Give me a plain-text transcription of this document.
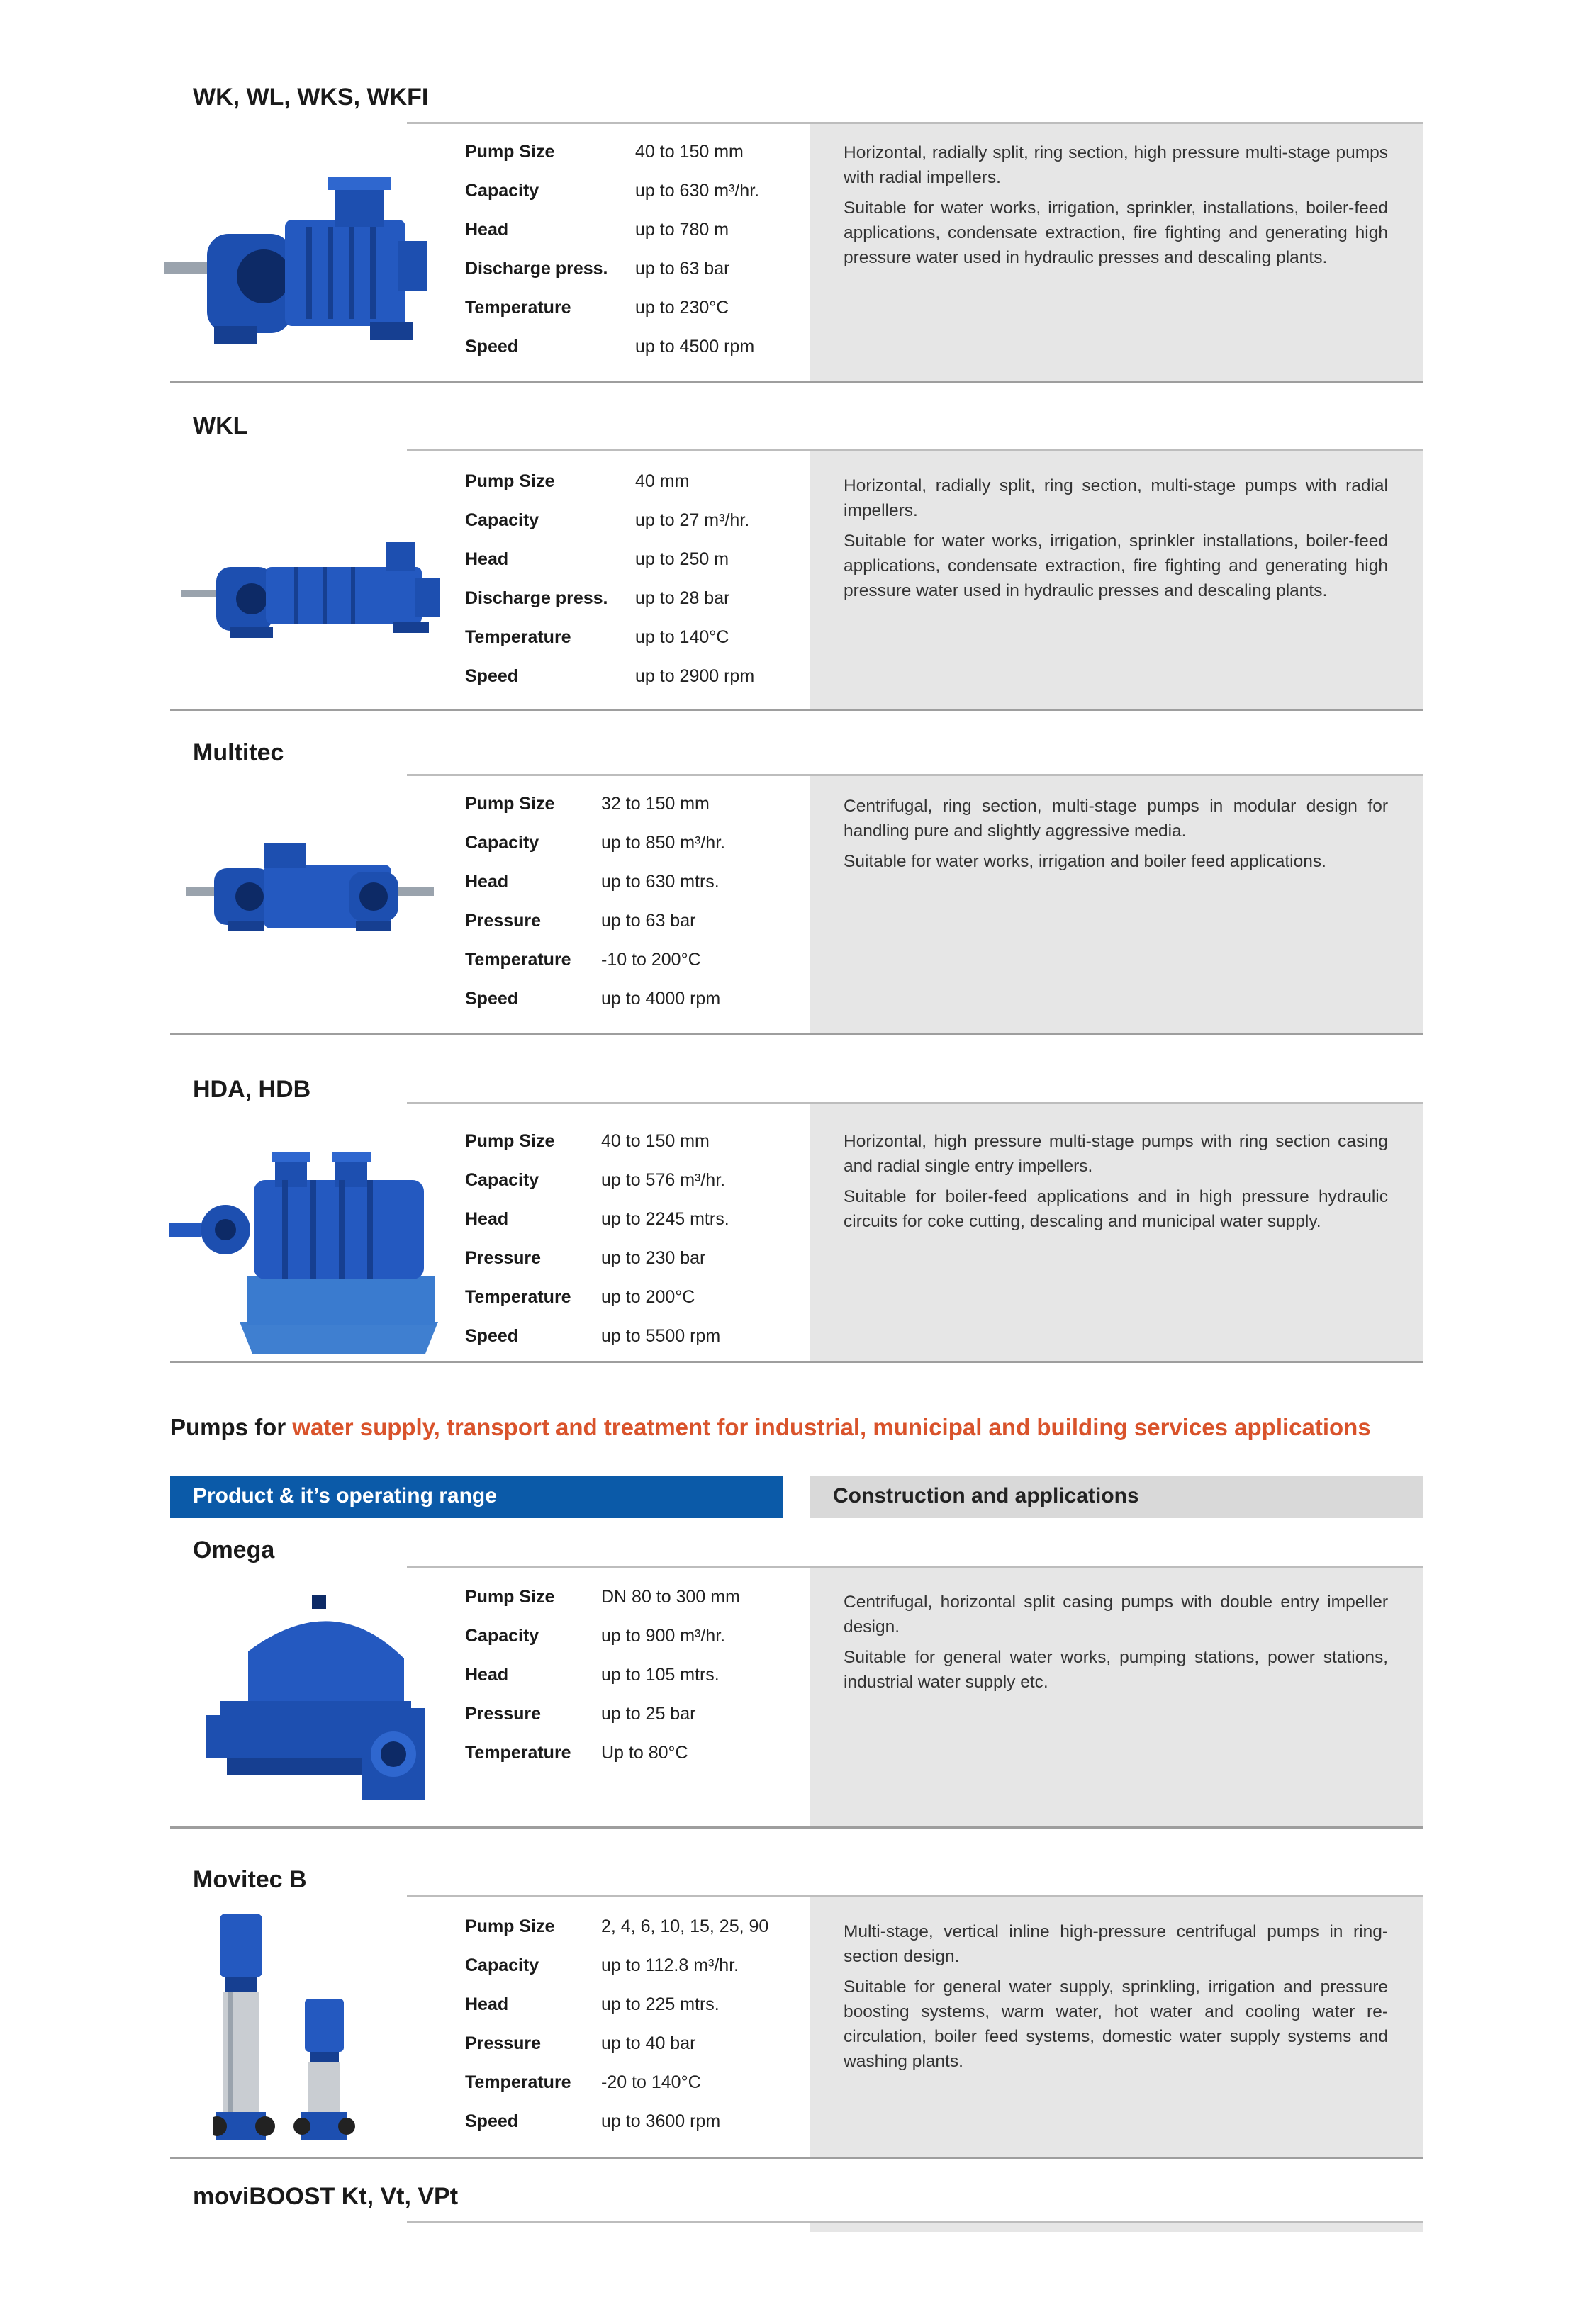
WK, WL, WKS, WKFI

Horizontal, radially split, ring section, high pressure multi-stage pumps with radial impellers.

Suitable for water works, irrigation, sprinkler, installations, boiler-feed applications, condensate extraction, fire fighting and generating high pressure water used in hydraulic presses and descaling plants.

Pump Size	40 to 150 mm
Capacity	up to 630 m³/hr.
Head	up to 780 m
Discharge press. up to 63 bar
Temperature	up to 230°C
Speed	up to 4500 rpm
WKL

Horizontal, radially split, ring section, multi-stage pumps with radial impellers.

Suitable for water works, irrigation, sprinkler installations, boiler-feed applications, condensate extraction, fire fighting and generating high pressure water used in hydraulic presses and descaling plants.

Pump Size	40 mm
Capacity	up to 27 m³/hr.
Head	up to 250 m
Discharge press. up to 28 bar
Temperature	up to 140°C
Speed	up to 2900 rpm
Multitec

Centrifugal, ring section, multi-stage pumps in modular design for handling pure and slightly aggressive media.

Suitable for water works, irrigation and boiler feed applications.

Pump Size	32 to 150 mm
Capacity	up to 850 m³/hr.
Head	up to 630 mtrs.
Pressure	up to 63 bar
Temperature -10 to 200°C
Speed	up to 4000 rpm
HDA, HDB

Horizontal, high pressure multi-stage pumps with ring section casing and radial single entry impellers.

Suitable for boiler-feed applications and in high pressure hydraulic circuits for coke cutting, descaling and municipal water supply.

Pump Size	40 to 150 mm
Capacity	up to 576 m³/hr.
Head	up to 2245 mtrs.
Pressure	up to 230 bar
Temperature up to 200°C
Speed	up to 5500 rpm
Pumps for water supply, transport and treatment for industrial, municipal and building services applications
Product & it’s operating range	Construction and applications
Omega

Centrifugal, horizontal split casing pumps with double entry impeller design.

Suitable for general water works, pumping stations, power stations, industrial water supply etc.

Pump Size	DN 80 to 300 mm
Capacity	up to 900 m³/hr.
Head	up to 105 mtrs.
Pressure	up to 25 bar
Temperature Up to 80°C
Movitec B

Multi-stage, vertical inline high-pressure centrifugal pumps in ring-section design.

Suitable for general water supply, sprinkling, irrigation and pressure boosting systems, warm water, hot water and cooling water re-circulation, boiler feed systems, domestic water supply systems and washing plants.

Pump Size	2, 4, 6, 10, 15, 25, 90
Capacity	up to 112.8 m³/hr.
Head	up to 225 mtrs.
Pressure	up to 40 bar
Temperature -20 to 140°C
Speed	up to 3600 rpm
moviBOOST Kt, Vt, VPt
